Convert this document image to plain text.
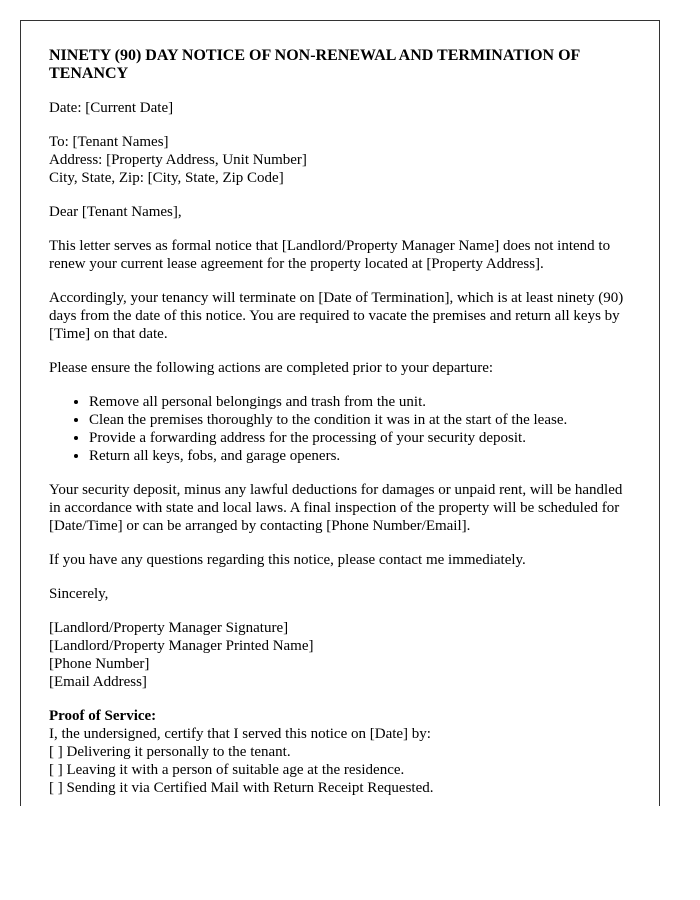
NINETY (90) DAY NOTICE OF NON-RENEWAL AND TERMINATION OF TENANCY

Date: [Current Date]

To: [Tenant Names]
Address: [Property Address, Unit Number]
City, State, Zip: [City, State, Zip Code]

Dear [Tenant Names],

This letter serves as formal notice that [Landlord/Property Manager Name] does not intend to renew your current lease agreement for the property located at [Property Address].

Accordingly, your tenancy will terminate on [Date of Termination], which is at least ninety (90) days from the date of this notice. You are required to vacate the premises and return all keys by [Time] on that date.

Please ensure the following actions are completed prior to your departure:

• Remove all personal belongings and trash from the unit.
• Clean the premises thoroughly to the condition it was in at the start of the lease.
• Provide a forwarding address for the processing of your security deposit.
• Return all keys, fobs, and garage openers.

Your security deposit, minus any lawful deductions for damages or unpaid rent, will be handled in accordance with state and local laws. A final inspection of the property will be scheduled for [Date/Time] or can be arranged by contacting [Phone Number/Email].

If you have any questions regarding this notice, please contact me immediately.

Sincerely,

[Landlord/Property Manager Signature]
[Landlord/Property Manager Printed Name]
[Phone Number]
[Email Address]

Proof of Service:
I, the undersigned, certify that I served this notice on [Date] by:
[ ] Delivering it personally to the tenant.
[ ] Leaving it with a person of suitable age at the residence.
[ ] Sending it via Certified Mail with Return Receipt Requested.
